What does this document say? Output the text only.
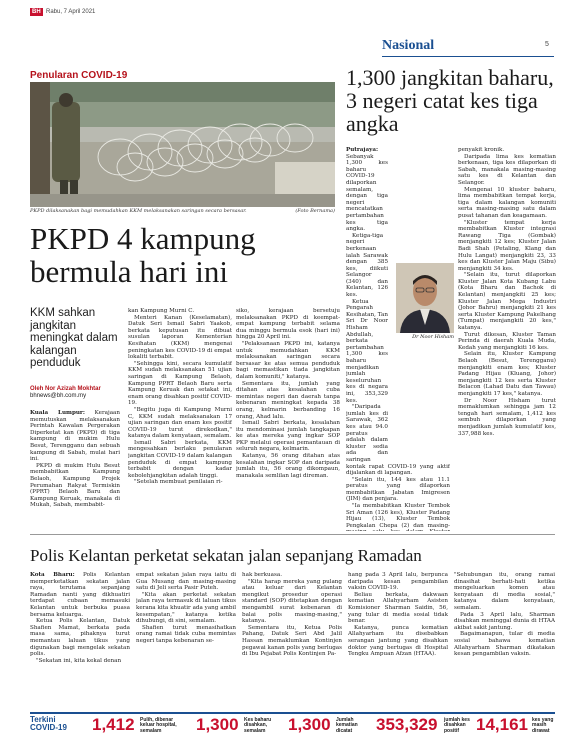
BH Rabu, 7 April 2021
Nasional	5
Penularan COVID-19
PKPD dilaksanakan bagi memudahkan KKM melaksanakan saringan secara bersasar.	(Foto Bernama)
PKPD 4 kampung
bermula hari ini
1,300 jangkitan baharu, 3 negeri catat kes tiga angka
KKM sahkan jangkitan meningkat dalam kalangan penduduk
Oleh Nor Azizah Mokhtar
bhnews@bh.com.my

Kuala Lumpur: Kerajaan memutuskan melaksanakan Perintah Kawalan Pergerakan Diperketat kan (PKPD) di tiga kampung di mukim Hulu Besut, Terengganu dan sebuah kampung di Sabah, mulai hari ini.

PKPD di mukim Hulu Besut membabitkan Kampung Belaoh, Kampung Projek Perumahan Rakyat Termiskin (PPRT) Belaoh Baru dan Kampung Keruak, manakala di Mukah, Sabah, membabit-

kan Kampung Murni C.

Menteri Kanan (Keselamatan), Datuk Seri Ismail Sabri Yaakob, berkata keputusan itu dibuat susulan laporan Kementerian Kesihatan (KKM) mengenai peningkatan kes COVID-19 di empat lokaliti terbabit.

"Sehingga kini, secara kumulatif KKM sudah melaksanakan 51 ujian saringan di Kampung Belaoh, Kampung PPRT Belaoh Baru serta Kampung Keruak dan setakat ini, enam orang disahkan positif COVID-19.

"Begitu juga di Kampung Murni C, KKM sudah melaksanakan 17 ujian saringan dan enam kes positif COVID-19 turut direkodkan," katanya dalam kenyataan, semalam.

Ismail Sabri berkata, KKM mengesahkan berlaku penularan jangkitan COVID-19 dalam kalangan penduduk di empat kampung terbabit dengan kadar kebolehjangkitan adalah tinggi.

"Setelah membuat penilaian ri-

siko, kerajaan bersetuju melaksanakan PKPD di keempat-empat kampung terbabit selama dua minggu bermula esok (hari ini) hingga 20 April ini.

"Pelaksanaan PKPD ini, katanya untuk memudahkan KKM melaksanakan saringan secara bersasar ke atas semua penduduk bagi memastikan tiada jangkitan dalam komuniti," katanya.

Sementara itu, jumlah yang ditahan atas kesalahan cuba memintas negeri dan daerah tanpa kebenaran meningkat kepada 38 orang, kelmarin berbanding 16 orang, Ahad lalu.

Ismail Sabri berkata, kesalahan itu mendominasi jumlah tangkapan ke atas mereka yang ingkar SOP PKP melalui operasi pemantauan di seluruh negara, kelmarin.

Katanya, 56 orang ditahan atas kesalahan ingkar SOP dan daripada jumlah itu, 56 orang dikompaun, manakala semlilan lagi direman.

penyakit kronik.

Daripada lima kes kematian berkenaan, tiga kes dilaporkan di Sabah, manakala masing-masing satu kes di Kelantan dan Selangor.

Mengenai 10 kluster baharu, lima membabitkan tempat kerja, tiga dalam kalangan komuniti serta masing-masing satu dalam pusat tahanan dan keagamaan.

"Kluster tempat kerja membabitkan Kluster integrasi Rawang Tiga (Gombak) menjangkiti 12 kes; Kluster Jalan Badi Shah (Petaling, Klang dan Hulu Langat) menjangkiti 23, 33 kes dan Kluster Jalan Maju (Sibu) menjangkiti 34 kes.

"Selain itu, turut dilaporkan Kluster Jalan Kota Kubang Labu (Kota Bharu dan Bachok di Kelantan) menjangkiti 25 kes; Kluster Jalan Mega Industri (Johor Bahru) menjangkiti 21 kes serta Kluster Kampung Pakelhang (Tumpat) menjangkiti 20 kes," katanya.

Turut dikesan, Kluster Taman Perinda di daerah Kuala Muda, Kedah yang menjangkiti 16 kes.

Selain itu, Kluster Kampung Belaoh (Besut, Terengganu) menjangkiti enam kes; Kluster Padang Hijau (Kluang, Johor) menjangkiti 12 kes serta Kluster Belacon (Lahad Datu dan Tawau) menjangkiti 17 kes," katanya.

Dr Noor Hisham turut memaklumkan sehingga jam 12 tengah hari semalam, 1,412 kes sembuh dilaporkan yang menjadikan jumlah kumulatif kes, 337,988 kes.

Polis Kelantan perketat sekatan jalan sepanjang Ramadan

Kota Bharu: Polis Kelantan memperketatkan sekatan jalan raya, terutama sepanjang Ramadan nanti yang dikhuatiri terdapat cubaan memasuki Kelantan untuk berbuka puasa bersama keluarga.

Ketua Polis Kelantan, Datuk Shafien Mamat, berkata pada masa sama, pihaknya turut memantau laluan tikus yang digunakan bagi mengelak sekatan polis.

"Sekatan ini, kita kekal denan

empat sekatan jalan raya iaitu di Gua Musang dan masing-masing satu di Jeli serta Pasir Puteh.

"Kita akan perketat sekatan jalan raya termasuk di laluan tikus kerana kita khuatir ada yang ambil kesempatan," katanya ketika dihubungi, di sini, semalam.

Shafien turut menasihatkan orang ramai tidak cuba memintas negeri tanpa kebenaran se-

hak berkuasa.

"Kita harap mereka yang pulang atau keluar dari Kelantan mengikut prosedur operasi standard (SOP) ditetapkan dengan mengambil surat kebenaran di balai polis masing-masing," katanya.

Sementara itu, Ketua Polis Pahang, Datuk Seri Abd Jalil Hassan memaklumkan Kontinjen pegawai kanan polis yang berlugas di Ibu Pejabat Polis Kontinjen Pa-

hang pada 3 April lalu, berpunca daripada kesan pengambilan vaksin COVID-19.

Beliau berkata, dakwaan kematian Allahyarham Asisten Komisioner Sharman Saidin, 56, yang tular di media sosial tidak benar.

Katanya, punca kematian Allahyarham itu disebabkan serangan jantung yang disahkan doktor yang bertugas di Hospital Tengku Ampuan Afzan (HTAA).

"Sehubungan itu, orang ramai dinasihat berhati-hati ketika mengeluarkan komen atau kenyataan di media sosial," katanya dalam kenyataan, semalam.

Pada 3 April lalu, Sharman disahkan meninggal dunia di HTAA akibat sakit jantung.

Bagaimanapun, tular di media sosial bahawa kematian Allahyarham Sharman dikatakan kesan pengambilan vaksin.

Terkini
COVID-19 1,412 Pulih, dibenar keluar hospital, semalam	1,300 Kes baharu disahkan, semalam	1,300 Jumlah kematian dicatat	353,329 jumlah kes disahkan positif	14,161 kes yang masih dirawat

Putrajaya: Sebanyak 1,300 kes baharu COVID-19 dilaporkan semalam, dengan tiga negeri mencatatkan pertambahan kes tiga angka.

Ketiga-tiga negeri berkenaan ialah Sarawak dengan 385 kes, diikuti Selangor (340) dan Kelantan, 126 kes.

Ketua Pengarah Kesihatan, Tan Sri Dr Noor Hisham Abdullah, berkata pertambahan 1,300 kes baharu menjadikan jumlah keseluruhan kes di negara ini, 353,329 kes.

"Daripada jumlah kes di Sarawak, 362 kes atau 94.0 peratus adalah dalam kluster sedia ada dan saringan kontak rapat COVID-19 yang aktif dijalankan di lapangan.

"Selain itu, 144 kes atau 11.1 peratus yang dilaporkan membabitkan Jabatan Imigresen (JIM) dan penjara.

"Ia membabitkan Kluster Tembok Sri Aman (126 kes), Kluster Padang Hijau (13), Kluster Tembok Pengkalan Chepa (2) dan masing-

Dr Noor Hisham
